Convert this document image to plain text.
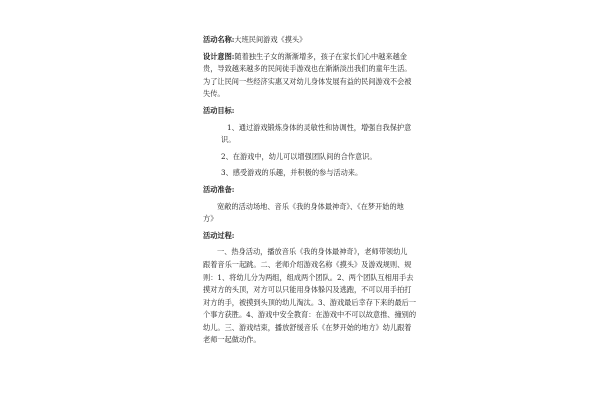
活动名称:大班民间游戏《摸头》
设计意图:随着独生子女的渐渐增多，孩子在家长们心中越来越金
贵，导致越来越多的民间徒手游戏也在渐渐淡出我们的童年生活。
为了让民间一些经济实惠又对幼儿身体发展有益的民间游戏不会被
失传。
活动目标:
1、通过游戏锻炼身体的灵敏性和协调性，增强自我保护意
识。
2、在游戏中，幼儿可以增强团队间的合作意识。
3、感受游戏的乐趣，并积极的参与活动来。
活动准备:
宽敞的活动场地、音乐《我的身体最神奇》、《在梦开始的地
方》
活动过程:
一、热身活动，播放音乐《我的身体最神奇》，老师带领幼儿
跟着音乐一起跳。二、老师介绍游戏名称《摸头》及游戏规则、规
则：1、将幼儿分为两组，组成两个团队。2、两个团队互相用手去
摸对方的头顶，对方可以只能用身体躲闪及逃跑，不可以用手拍打
对方的手，被摸到头顶的幼儿淘汰。3、游戏最后幸存下来的最后一
个事方获胜。4、游戏中安全教育：在游戏中不可以故意推、撞别的
幼儿。三、游戏结束，播放舒缓音乐《在梦开始的地方》幼儿跟着
老师一起做动作。
